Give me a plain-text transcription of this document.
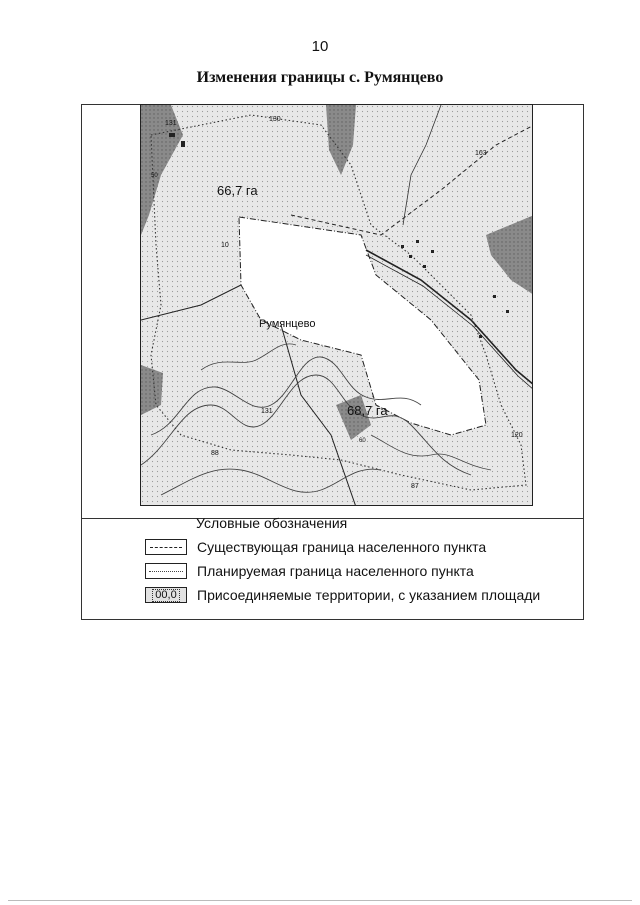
10
Изменения границы с. Румянцево
66,7 га
68,7 га
Румянцево
131
130
163
10
131
88
120
87
50
60
Условные обозначения
Существующая граница населенного пункта
Планируемая граница населенного пункта
00,0	Присоединяемые территории, с указанием площади
